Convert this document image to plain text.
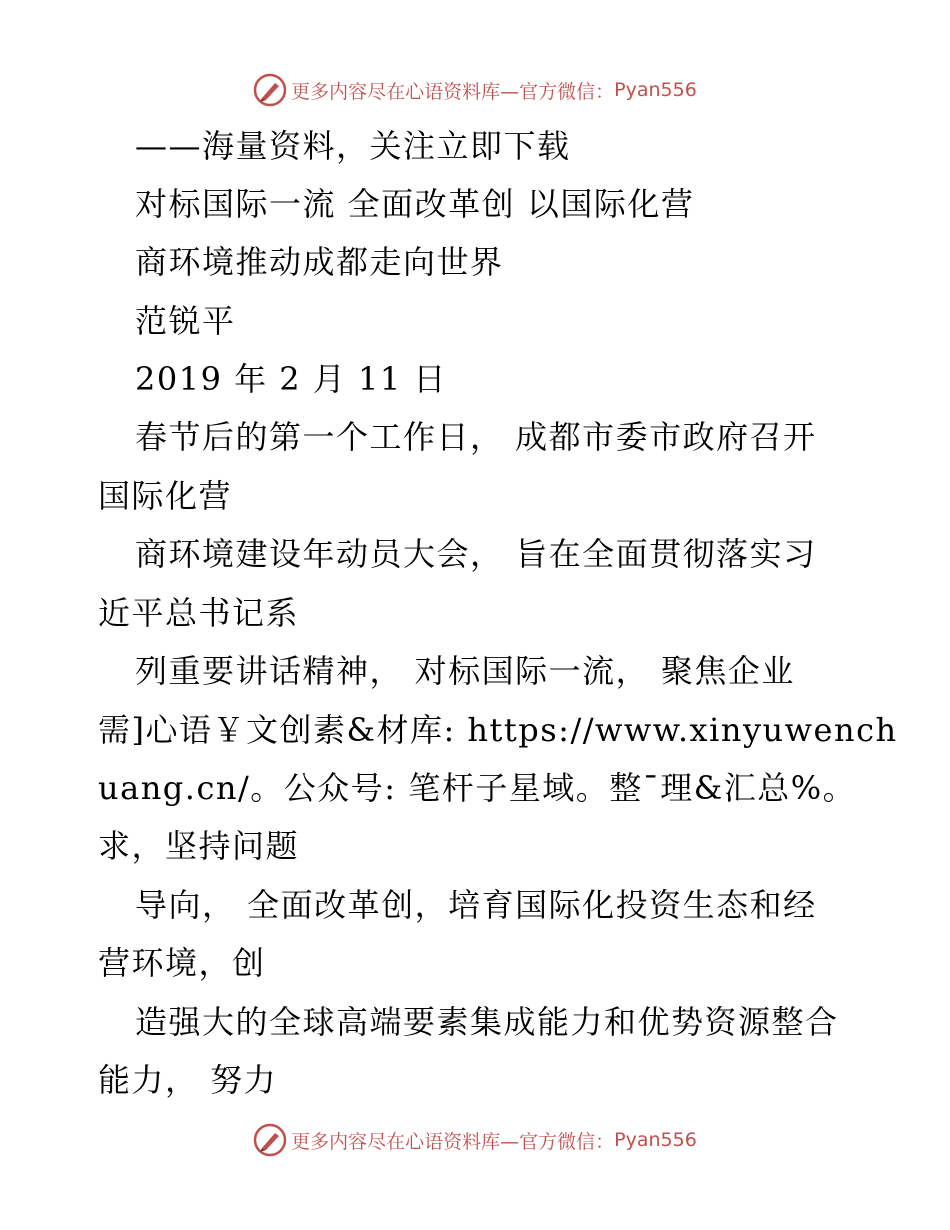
更多内容尽在心语资料库—官方微信： Pyan556
——海量资料，关注立即下载
对标国际一流 全面改革创 以国际化营
商环境推动成都走向世界
范锐平
2019 年 2 月 11 日
春节后的第一个工作日， 成都市委市政府召开
国际化营
商环境建设年动员大会， 旨在全面贯彻落实习
近平总书记系
列重要讲话精神， 对标国际一流， 聚焦企业
需]心语￥文创素&材库: https://www.xinyuwench
uang.cn/。公众号: 笔杆子星域。整¯理&汇总%。
求，坚持问题
导向， 全面改革创，培育国际化投资生态和经
营环境，创
造强大的全球高端要素集成能力和优势资源整合
能力， 努力
更多内容尽在心语资料库—官方微信： Pyan556
